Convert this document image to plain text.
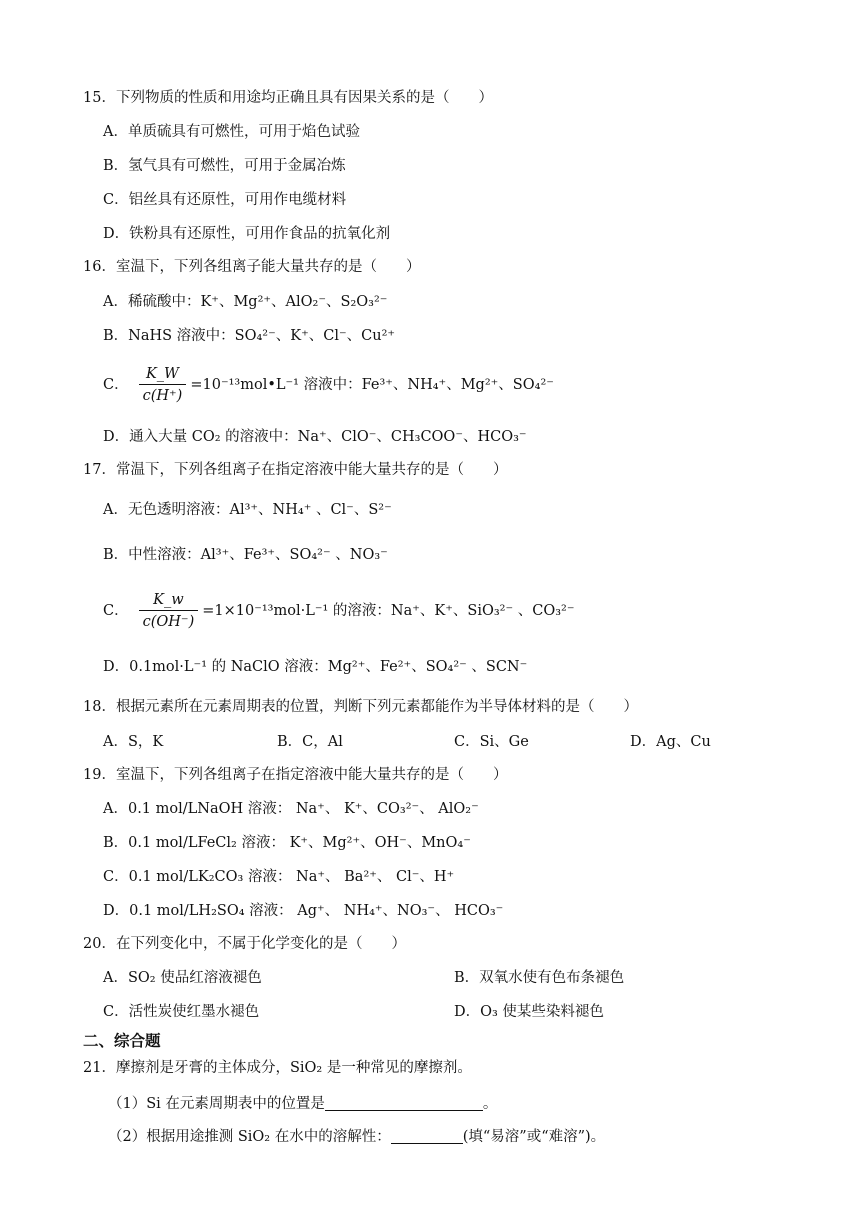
15．下列物质的性质和用途均正确且具有因果关系的是（　　）
A．单质硫具有可燃性，可用于焰色试验
B．氢气具有可燃性，可用于金属冶炼
C．铝丝具有还原性，可用作电缆材料
D．铁粉具有还原性，可用作食品的抗氧化剂
16．室温下，下列各组离子能大量共存的是（　　）
A．稀硫酸中：K⁺、Mg²⁺、AlO₂⁻、S₂O₃²⁻
B．NaHS 溶液中：SO₄²⁻、K⁺、Cl⁻、Cu²⁺
C． $\frac{K\_W}{c(H^+)}$ =10⁻¹³mol•L⁻¹ 溶液中：Fe³⁺、NH₄⁺、Mg²⁺、SO₄²⁻
D．通入大量 CO₂ 的溶液中：Na⁺、ClO⁻、CH₃COO⁻、HCO₃⁻
17．常温下，下列各组离子在指定溶液中能大量共存的是（　　）
A．无色透明溶液：Al³⁺、NH₄⁺ 、Cl⁻、S²⁻
B．中性溶液：Al³⁺、Fe³⁺、SO₄²⁻ 、NO₃⁻
C． $\frac{K\_w}{c(OH^-)} =1\times 10^{-13}mol\cdot L^{-1}$ 的溶液：Na⁺、K⁺、SiO₃²⁻ 、CO₃²⁻
D．0.1mol·L⁻¹ 的 NaClO 溶液：Mg²⁺、Fe²⁺、SO₄²⁻ 、SCN⁻
18．根据元素所在元素周期表的位置，判断下列元素都能作为半导体材料的是（　　）
A．S，K	B．C，Al	C．Si、Ge	D．Ag、Cu
19．室温下，下列各组离子在指定溶液中能大量共存的是（　　）
A．0.1 mol/LNaOH 溶液： Na⁺、 K⁺、CO₃²⁻、 AlO₂⁻
B．0.1 mol/LFeCl₂ 溶液： K⁺、Mg²⁺、OH⁻、MnO₄⁻
C．0.1 mol/LK₂CO₃ 溶液： Na⁺、 Ba²⁺、 Cl⁻、H⁺
D．0.1 mol/LH₂SO₄ 溶液： Ag⁺、 NH₄⁺、NO₃⁻、 HCO₃⁻
20．在下列变化中，不属于化学变化的是（　　）
A．SO₂ 使品红溶液褪色	B．双氧水使有色布条褪色
C．活性炭使红墨水褪色	D．O₃ 使某些染料褪色
二、综合题
21．摩擦剂是牙膏的主体成分，SiO₂ 是一种常见的摩擦剂。
（1）Si 在元素周期表中的位置是	。
（2）根据用途推测 SiO₂ 在水中的溶解性：	(填“易溶”或“难溶”)。
